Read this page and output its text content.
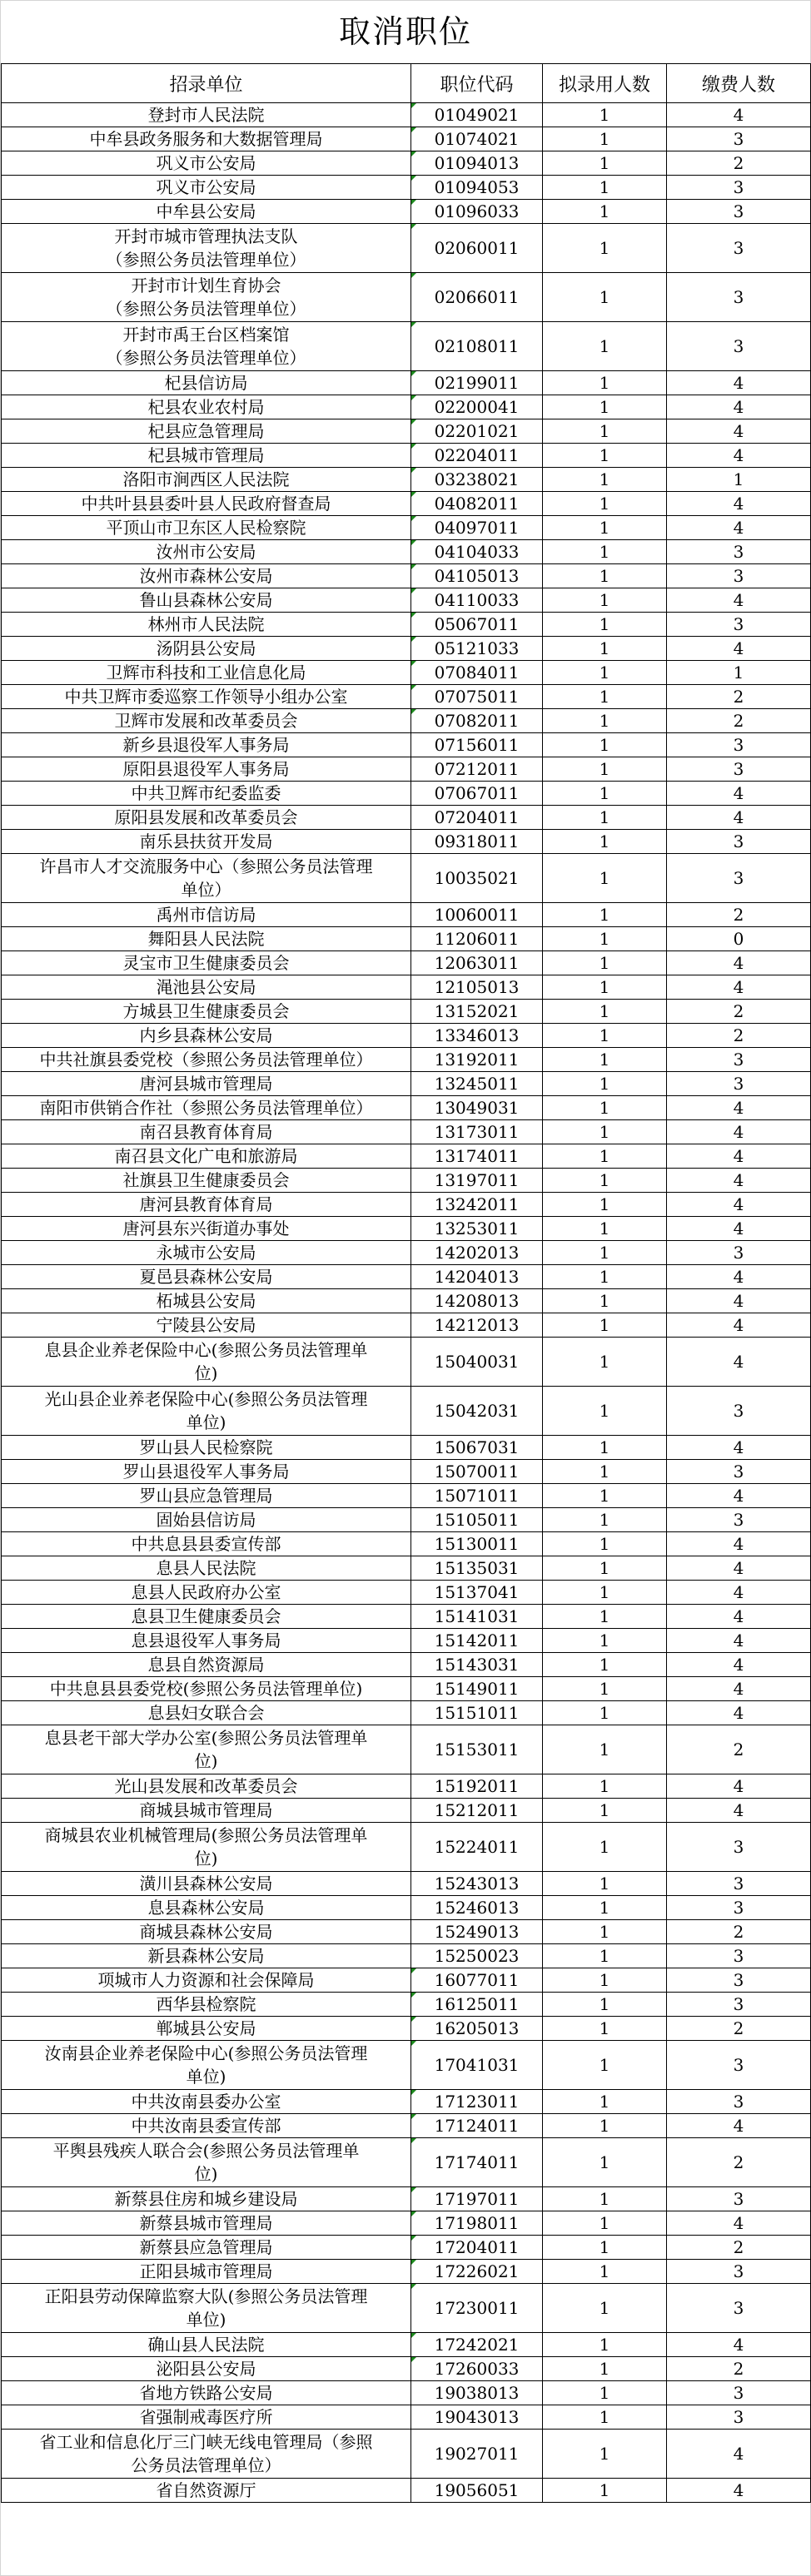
取消职位
招录单位	职位代码	拟录用人数	缴费人数

登封市人民法院	01049021	1	4

中牟县政务服务和大数据管理局	01074021	1	3

巩义市公安局	01094013	1	2

巩义市公安局	01094053	1	3

中牟县公安局	01096033	1	3

开封市城市管理执法支队
（参照公务员法管理单位）	02060011	1	3

开封市计划生育协会
（参照公务员法管理单位）	02066011	1	3

开封市禹王台区档案馆
（参照公务员法管理单位）	02108011	1	3

杞县信访局	02199011	1	4

杞县农业农村局	02200041	1	4

杞县应急管理局	02201021	1	4

杞县城市管理局	02204011	1	4

洛阳市涧西区人民法院	03238021	1	1

中共叶县县委叶县人民政府督查局	04082011	1	4

平顶山市卫东区人民检察院	04097011	1	4

汝州市公安局	04104033	1	3

汝州市森林公安局	04105013	1	3

鲁山县森林公安局	04110033	1	4

林州市人民法院	05067011	1	3

汤阴县公安局	05121033	1	4

卫辉市科技和工业信息化局	07084011	1	1

中共卫辉市委巡察工作领导小组办公室	07075011	1	2

卫辉市发展和改革委员会	07082011	1	2

新乡县退役军人事务局	07156011	1	3

原阳县退役军人事务局	07212011	1	3

中共卫辉市纪委监委	07067011	1	4

原阳县发展和改革委员会	07204011	1	4

南乐县扶贫开发局	09318011	1	3

许昌市人才交流服务中心（参照公务员法管理
单位）	10035021	1	3

禹州市信访局	10060011	1	2

舞阳县人民法院	11206011	1	0

灵宝市卫生健康委员会	12063011	1	4

渑池县公安局	12105013	1	4

方城县卫生健康委员会	13152021	1	2

内乡县森林公安局	13346013	1	2

中共社旗县委党校（参照公务员法管理单位）	13192011	1	3

唐河县城市管理局	13245011	1	3

南阳市供销合作社（参照公务员法管理单位）	13049031	1	4

南召县教育体育局	13173011	1	4

南召县文化广电和旅游局	13174011	1	4

社旗县卫生健康委员会	13197011	1	4

唐河县教育体育局	13242011	1	4

唐河县东兴街道办事处	13253011	1	4

永城市公安局	14202013	1	3

夏邑县森林公安局	14204013	1	4

柘城县公安局	14208013	1	4

宁陵县公安局	14212013	1	4

息县企业养老保险中心(参照公务员法管理单
位)	15040031	1	4

光山县企业养老保险中心(参照公务员法管理
单位)	15042031	1	3

罗山县人民检察院	15067031	1	4

罗山县退役军人事务局	15070011	1	3

罗山县应急管理局	15071011	1	4

固始县信访局	15105011	1	3

中共息县县委宣传部	15130011	1	4

息县人民法院	15135031	1	4

息县人民政府办公室	15137041	1	4

息县卫生健康委员会	15141031	1	4

息县退役军人事务局	15142011	1	4

息县自然资源局	15143031	1	4

中共息县县委党校(参照公务员法管理单位)	15149011	1	4

息县妇女联合会	15151011	1	4

息县老干部大学办公室(参照公务员法管理单
位)	15153011	1	2

光山县发展和改革委员会	15192011	1	4

商城县城市管理局	15212011	1	4

商城县农业机械管理局(参照公务员法管理单
位)	15224011	1	3

潢川县森林公安局	15243013	1	3

息县森林公安局	15246013	1	3

商城县森林公安局	15249013	1	2

新县森林公安局	15250023	1	3

项城市人力资源和社会保障局	16077011	1	3

西华县检察院	16125011	1	3

郸城县公安局	16205013	1	2

汝南县企业养老保险中心(参照公务员法管理
单位)	17041031	1	3

中共汝南县委办公室	17123011	1	3

中共汝南县委宣传部	17124011	1	4

平舆县残疾人联合会(参照公务员法管理单
位)	17174011	1	2

新蔡县住房和城乡建设局	17197011	1	3

新蔡县城市管理局	17198011	1	4

新蔡县应急管理局	17204011	1	2

正阳县城市管理局	17226021	1	3

正阳县劳动保障监察大队(参照公务员法管理
单位)	17230011	1	3

确山县人民法院	17242021	1	4

泌阳县公安局	17260033	1	2

省地方铁路公安局	19038013	1	3

省强制戒毒医疗所	19043013	1	3

省工业和信息化厅三门峡无线电管理局（参照
公务员法管理单位）	19027011	1	4

省自然资源厅	19056051	1	4
